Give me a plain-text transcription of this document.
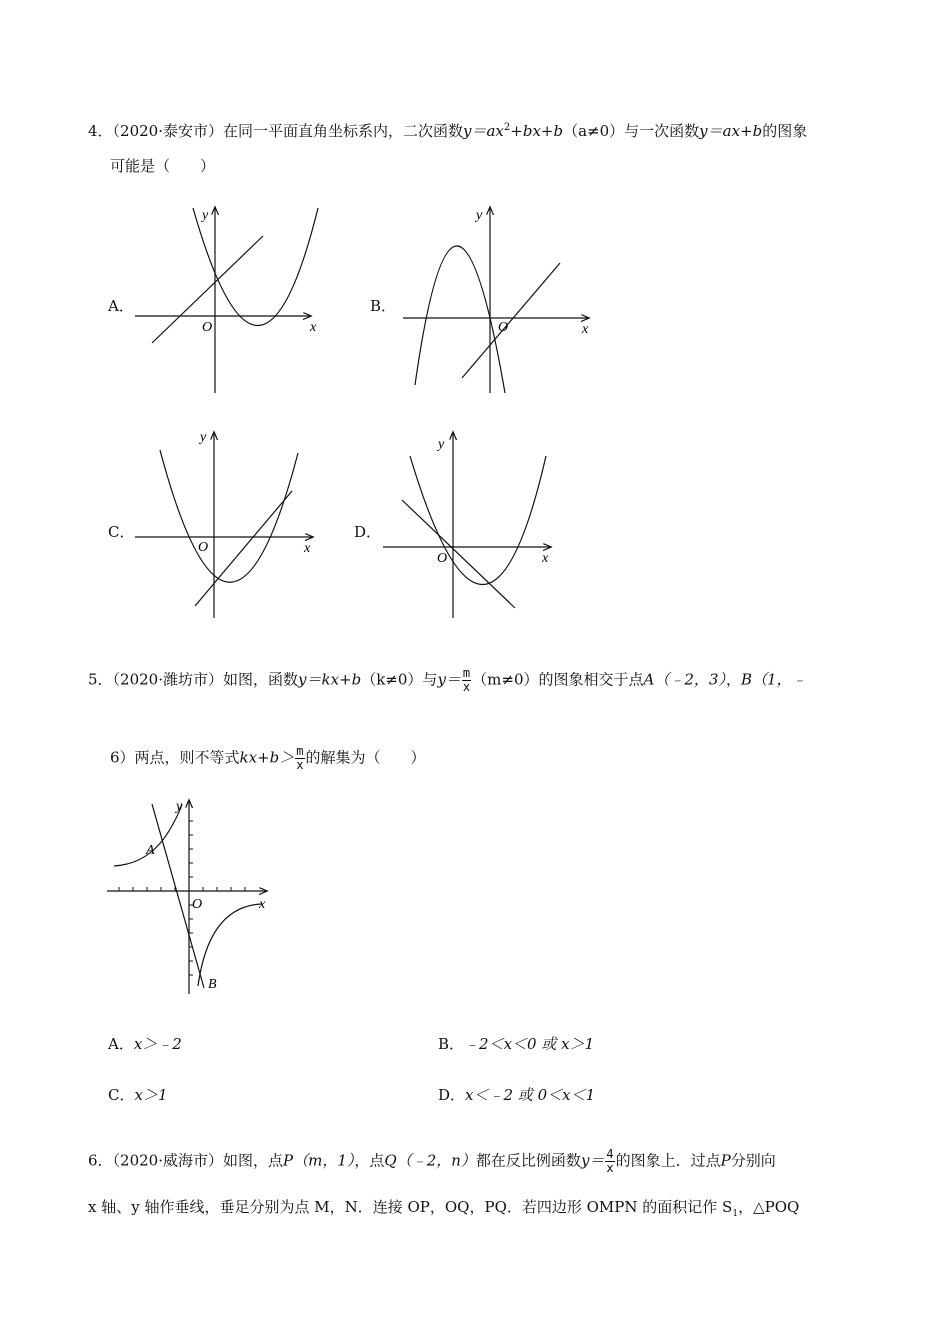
4．（2020·泰安市）在同一平面直角坐标系内，二次函数$y=ax^2+bx+b(a\ne 0)$与一次函数y＝ax+b的图象
可能是（　　）
A．
O	x
y
B．
O	x
y
C．
O	x
y
D．
O	x
y
5．（2020·潍坊市）如图，函数y＝kx+b（k≠0）与$y= \frac{m}{x} (m\ne 0)$的图象相交于点A（﹣2，3），B（1，﹣
6）两点，则不等式$kx+b> \frac{m}{x}$ 的解集为（　　）
A
B
O	x
y
A．x＞﹣2	B．﹣2＜x＜0 或 x＞1
C．x＞1	D．x＜﹣2 或 0＜x＜1
6．（2020·威海市）如图，点P（m，1），点Q（﹣2，n）都在反比例函数$y= \frac{4}{x}$ 的图象上．过点P分别向
x 轴、y 轴作垂线，垂足分别为点 M，N．连接 OP，OQ，PQ．若四边形 OMPN 的面积记作 $S_1$，△POQ
